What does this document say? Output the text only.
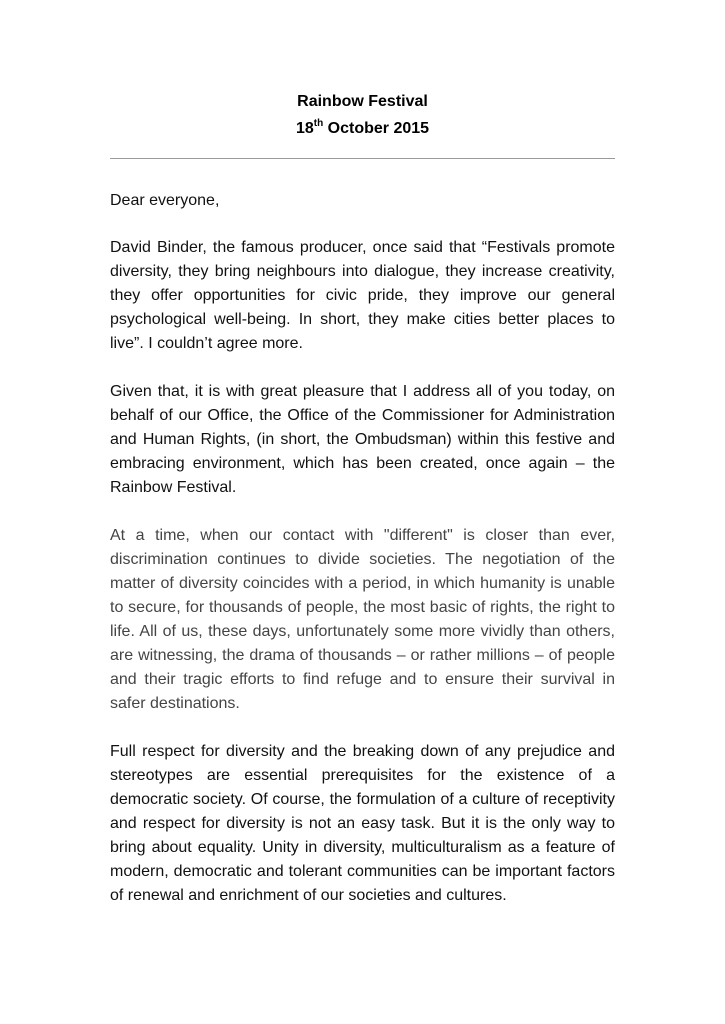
Rainbow Festival
18th October 2015

Dear everyone,

David Binder, the famous producer, once said that “Festivals promote diversity, they bring neighbours into dialogue, they increase creativity, they offer opportunities for civic pride, they improve our general psychological well-being. In short, they make cities better places to live”. I couldn’t agree more.

Given that, it is with great pleasure that I address all of you today, on behalf of our Office, the Office of the Commissioner for Administration and Human Rights, (in short, the Ombudsman) within this festive and embracing environment, which has been created, once again – the Rainbow Festival.

At a time, when our contact with "different" is closer than ever, discrimination continues to divide societies. The negotiation of the matter of diversity coincides with a period, in which humanity is unable to secure, for thousands of people, the most basic of rights, the right to life. All of us, these days, unfortunately some more vividly than others, are witnessing, the drama of thousands – or rather millions – of people and their tragic efforts to find refuge and to ensure their survival in safer destinations.

Full respect for diversity and the breaking down of any prejudice and stereotypes are essential prerequisites for the existence of a democratic society. Of course, the formulation of a culture of receptivity and respect for diversity is not an easy task. But it is the only way to bring about equality. Unity in diversity, multiculturalism as a feature of modern, democratic and tolerant communities can be important factors of renewal and enrichment of our societies and cultures.
